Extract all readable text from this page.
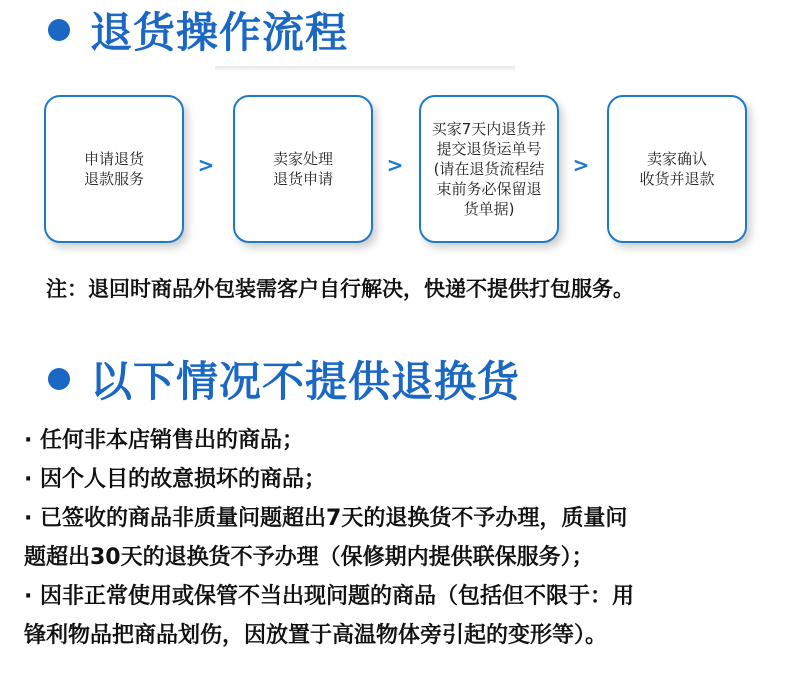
退货操作流程
申请退货
退款服务
>	卖家处理
退货申请
>
买家7天内退货并
提交退货运单号
(请在退货流程结
束前务必保留退
货单据)
>	卖家确认
收货并退款
注：退回时商品外包装需客户自行解决，快递不提供打包服务。
以下情况不提供退换货
· 任何非本店销售出的商品；
· 因个人目的故意损坏的商品；
· 已签收的商品非质量问题超出7天的退换货不予办理，质量问
题超出30天的退换货不予办理（保修期内提供联保服务）；
· 因非正常使用或保管不当出现问题的商品（包括但不限于：用
锋利物品把商品划伤，因放置于高温物体旁引起的变形等）。
